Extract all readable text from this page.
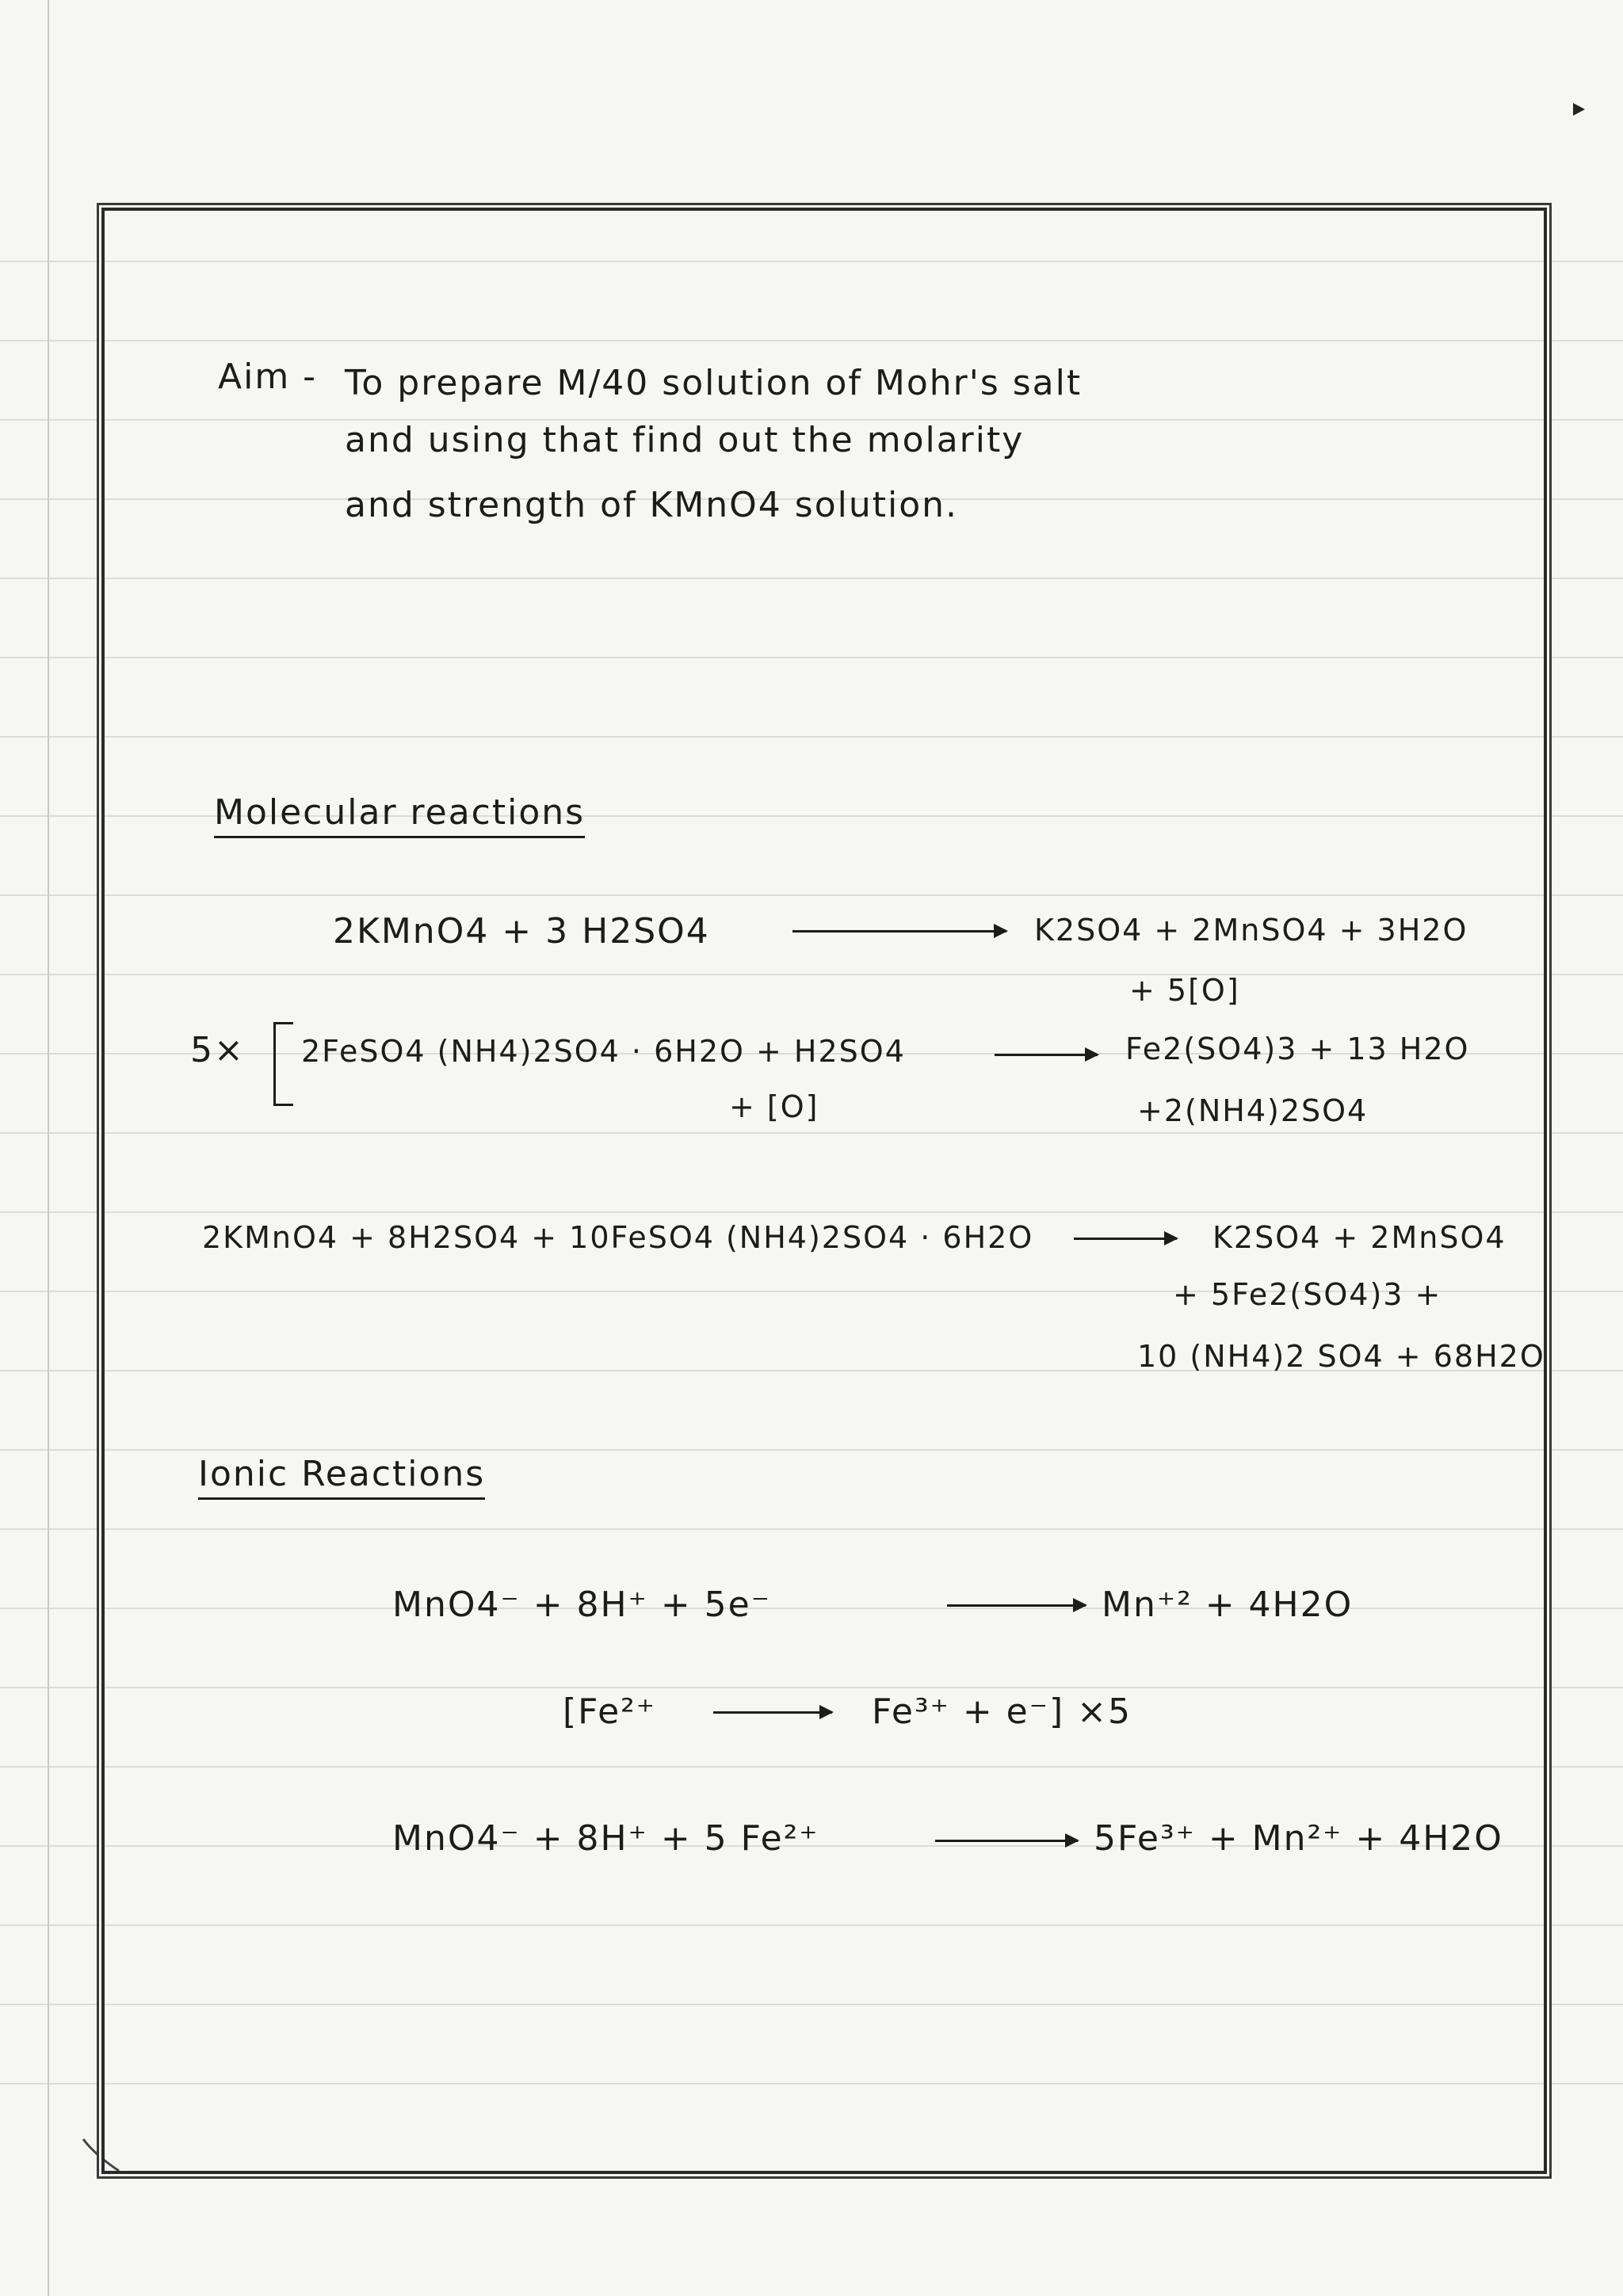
Aim - To prepare M/40 solution of Mohr's salt
and using that find out the molarity
and strength of KMnO4 solution.
Molecular reactions
2KMnO4 + 3 H2SO4	K2SO4 + 2MnSO4 + 3H2O
+ 5[O]
5× 2FeSO4 (NH4)2SO4 · 6H2O + H2SO4
+ [O]
Fe2(SO4)3 + 13 H2O
+2(NH4)2SO4
2KMnO4 + 8H2SO4 + 10FeSO4 (NH4)2SO4 · 6H2O	K2SO4 + 2MnSO4
+ 5Fe2(SO4)3 +
10 (NH4)2 SO4 + 68H2O
Ionic Reactions
MnO4⁻ + 8H⁺ + 5e⁻	Mn⁺² + 4H2O
[Fe²⁺	Fe³⁺ + e⁻] ×5
MnO4⁻ + 8H⁺ + 5 Fe²⁺	5Fe³⁺ + Mn²⁺ + 4H2O
